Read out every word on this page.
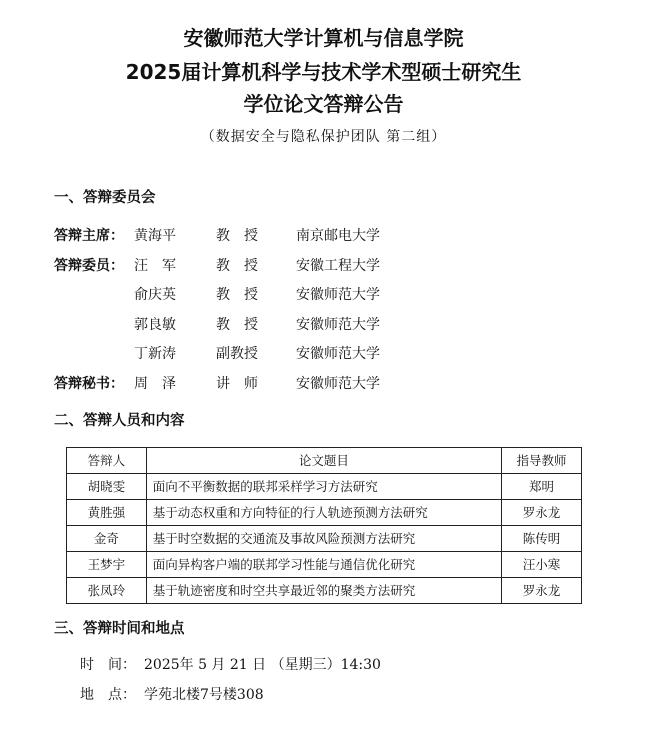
安徽师范大学计算机与信息学院
2025届计算机科学与技术学术型硕士研究生
学位论文答辩公告
（数据安全与隐私保护团队 第二组）
一、答辩委员会
答辩主席： 黄海平	教　授	南京邮电大学
答辩委员： 汪　军	教　授	安徽工程大学
俞庆英	教　授	安徽师范大学
郭良敏	教　授	安徽师范大学
丁新涛	副教授	安徽师范大学
答辩秘书： 周　泽	讲　师	安徽师范大学
二、答辩人员和内容
答辩人	论文题目	指导教师
胡晓雯	面向不平衡数据的联邦采样学习方法研究	郑明
黄胜强	基于动态权重和方向特征的行人轨迹预测方法研究	罗永龙
金奇	基于时空数据的交通流及事故风险预测方法研究	陈传明
王梦宇	面向异构客户端的联邦学习性能与通信优化研究	汪小寒
张凤玲	基于轨迹密度和时空共享最近邻的聚类方法研究	罗永龙
三、答辩时间和地点
时　间： 2025年 5 月 21 日 （星期三）14:30
地　点： 学苑北楼7号楼308
